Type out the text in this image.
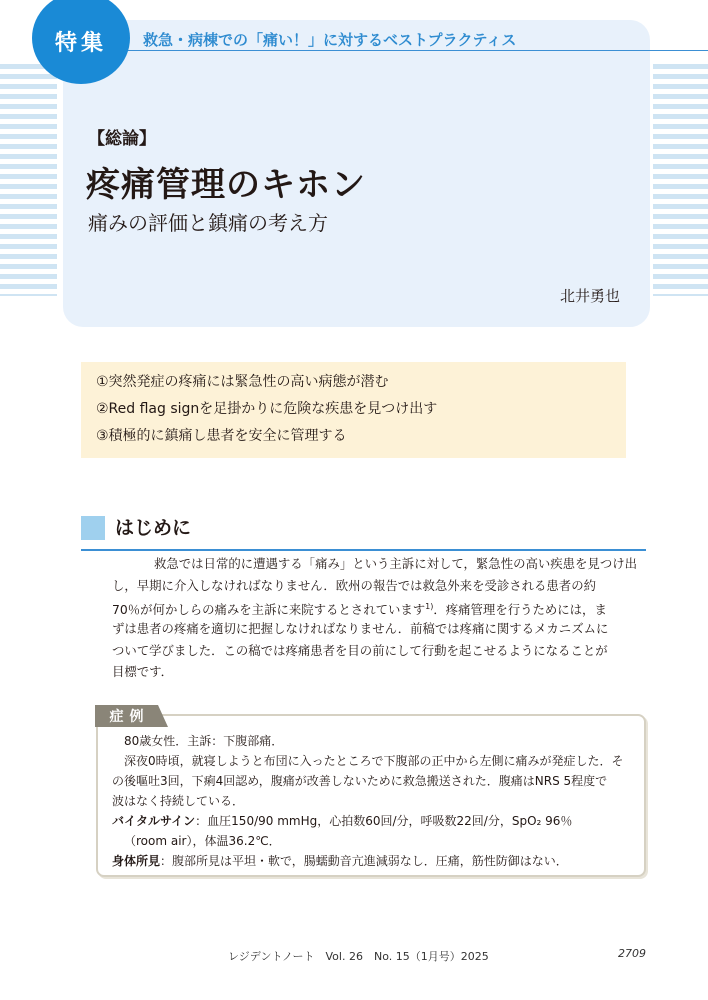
特集	救急・病棟での「痛い！」に対するベストプラクティス
【総論】
疼痛管理のキホン
痛みの評価と鎮痛の考え方
北井勇也
①突然発症の疼痛には緊急性の高い病態が潜む
②Red flag signを足掛かりに危険な疾患を見つけ出す
③積極的に鎮痛し患者を安全に管理する
はじめに
救急では日常的に遭遇する「痛み」という主訴に対して，緊急性の高い疾患を見つけ出
し，早期に介入しなければなりません．欧州の報告では救急外来を受診される患者の約
70％が何かしらの痛みを主訴に来院するとされています$^{1)}$．疼痛管理を行うためには，ま
ずは患者の疼痛を適切に把握しなければなりません．前稿では疼痛に関するメカニズムに
ついて学びました．この稿では疼痛患者を目の前にして行動を起こせるようになることが
目標です．
症例
80歳女性．主訴：下腹部痛．
深夜0時頃，就寝しようと布団に入ったところで下腹部の正中から左側に痛みが発症した．そ
の後嘔吐3回，下痢4回認め，腹痛が改善しないために救急搬送された．腹痛はNRS 5程度で
波はなく持続している．
バイタルサイン：血圧150/90 mmHg，心拍数60回/分，呼吸数22回/分，SpO₂ 96％
（room air），体温36.2℃．
身体所見：腹部所見は平坦・軟で，腸蠕動音亢進減弱なし．圧痛，筋性防御はない．
レジデントノート　Vol. 26　No. 15（1月号）2025	2709
